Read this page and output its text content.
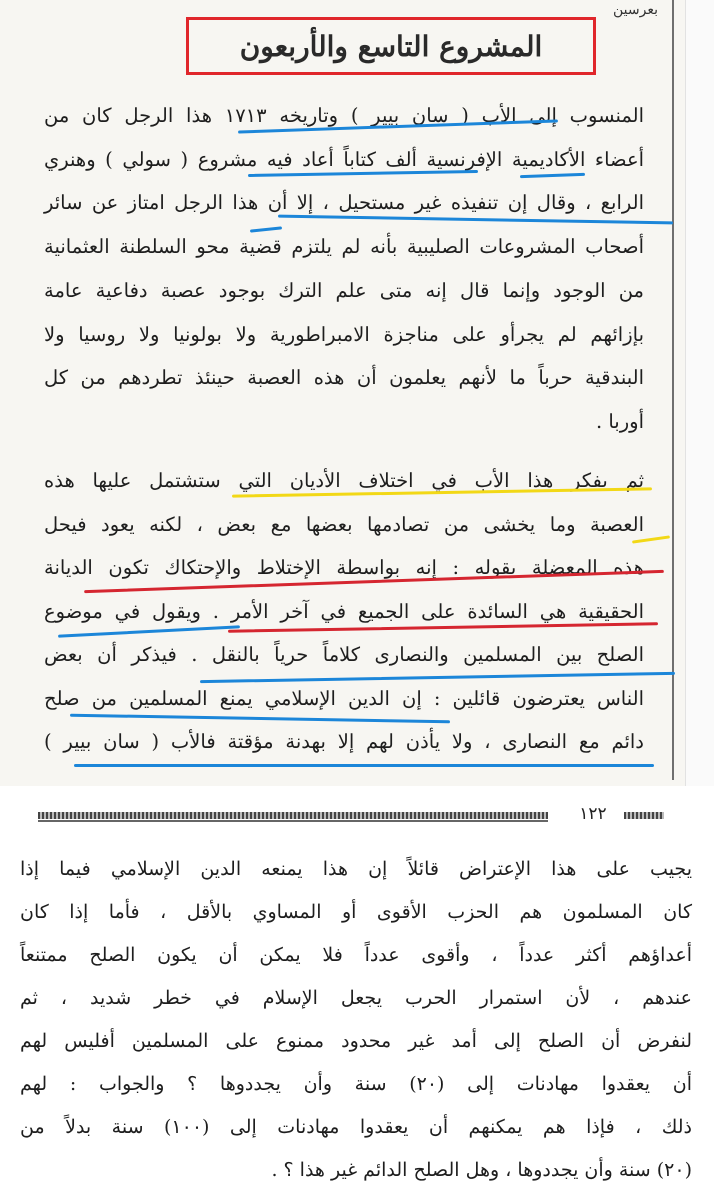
بعرسين
المشروع التاسع والأربعون
المنسوب إلى الأب ( سان بيير ) وتاريخه ١٧١٣ هذا الرجل كان من
أعضاء الأكاديمية الإفرنسية ألف كتاباً أعاد فيه مشروع ( سولي ) وهنري
الرابع ، وقال إن تنفيذه غير مستحيل ، إلا أن هذا الرجل امتاز عن سائر
أصحاب المشروعات الصليبية بأنه لم يلتزم قضية محو السلطنة العثمانية
من الوجود وإنما قال إنه متى علم الترك بوجود عصبة دفاعية عامة
بإزائهم لم يجرأو على مناجزة الامبراطورية ولا بولونيا ولا روسيا ولا
البندقية حرباً ما لأنهم يعلمون أن هذه العصبة حينئذ تطردهم من كل
أوربا .
ثم يفكر هذا الأب في اختلاف الأديان التي ستشتمل عليها هذه
العصبة وما يخشى من تصادمها بعضها مع بعض ، لكنه يعود فيحل
هذه المعضلة بقوله : إنه بواسطة الإختلاط والإحتكاك تكون الديانة
الحقيقية هي السائدة على الجميع في آخر الأمر . ويقول في موضوع
الصلح بين المسلمين والنصارى كلاماً حرياً بالنقل . فيذكر أن بعض
الناس يعترضون قائلين : إن الدين الإسلامي يمنع المسلمين من صلح
دائم مع النصارى ، ولا يأذن لهم إلا بهدنة مؤقتة فالأب ( سان بيير )
١٢٢
يجيب على هذا الإعتراض قائلاً إن هذا يمنعه الدين الإسلامي فيما إذا
كان المسلمون هم الحزب الأقوى أو المساوي بالأقل ، فأما إذا كان
أعداؤهم أكثر عدداً ، وأقوى عدداً فلا يمكن أن يكون الصلح ممتنعاً
عندهم ، لأن استمرار الحرب يجعل الإسلام في خطر شديد ، ثم
لنفرض أن الصلح إلى أمد غير محدود ممنوع على المسلمين أفليس لهم
أن يعقدوا مهادنات إلى (٢٠) سنة وأن يجددوها ؟ والجواب : لهم
ذلك ، فإذا هم يمكنهم أن يعقدوا مهادنات إلى (١٠٠) سنة بدلاً من
(٢٠) سنة وأن يجددوها ، وهل الصلح الدائم غير هذا ؟ .
